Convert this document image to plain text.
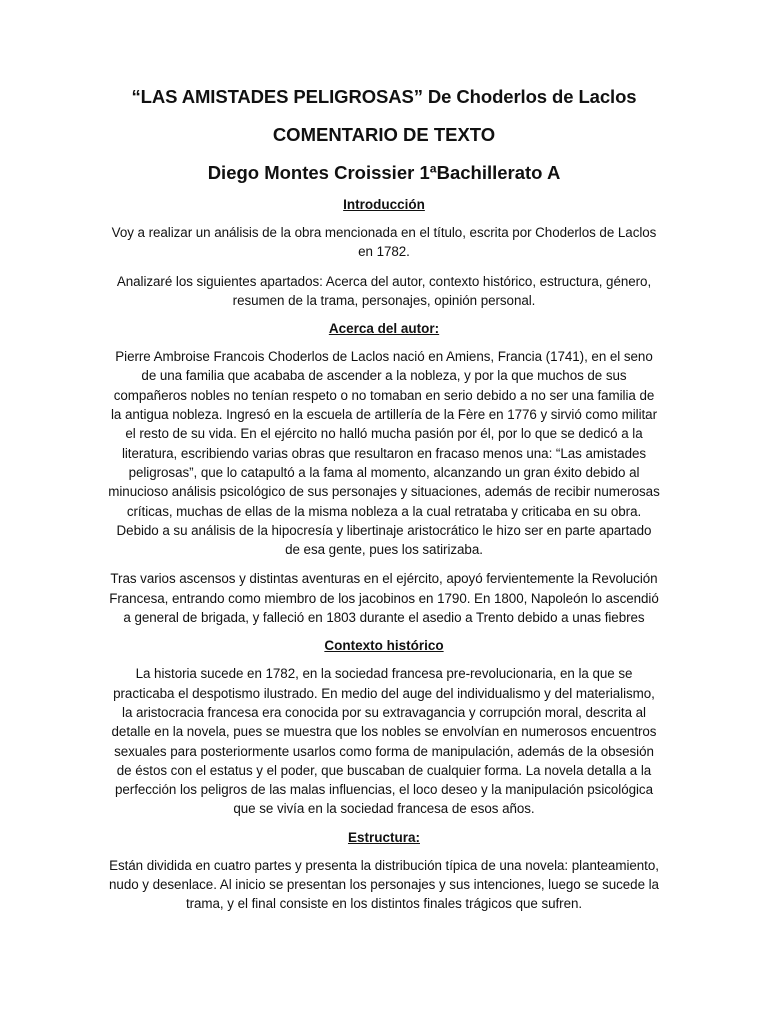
“LAS AMISTADES PELIGROSAS” De Choderlos de Laclos
COMENTARIO DE TEXTO
Diego Montes Croissier 1ªBachillerato A
Introducción

Voy a realizar un análisis de la obra mencionada en el título, escrita por Choderlos de Laclos en 1782.

Analizaré los siguientes apartados: Acerca del autor, contexto histórico, estructura, género, resumen de la trama, personajes, opinión personal.

Acerca del autor:

Pierre Ambroise Francois Choderlos de Laclos nació en Amiens, Francia (1741), en el seno de una familia que acababa de ascender a la nobleza, y por la que muchos de sus compañeros nobles no tenían respeto o no tomaban en serio debido a no ser una familia de la antigua nobleza. Ingresó en la escuela de artillería de la Fère en 1776 y sirvió como militar el resto de su vida. En el ejército no halló mucha pasión por él, por lo que se dedicó a la literatura, escribiendo varias obras que resultaron en fracaso menos una: “Las amistades peligrosas”, que lo catapultó a la fama al momento, alcanzando un gran éxito debido al minucioso análisis psicológico de sus personajes y situaciones, además de recibir numerosas críticas, muchas de ellas de la misma nobleza a la cual retrataba y criticaba en su obra. Debido a su análisis de la hipocresía y libertinaje aristocrático le hizo ser en parte apartado de esa gente, pues los satirizaba.

Tras varios ascensos y distintas aventuras en el ejército, apoyó fervientemente la Revolución Francesa, entrando como miembro de los jacobinos en 1790. En 1800, Napoleón lo ascendió a general de brigada, y falleció en 1803 durante el asedio a Trento debido a unas fiebres

Contexto histórico

La historia sucede en 1782, en la sociedad francesa pre-revolucionaria, en la que se practicaba el despotismo ilustrado. En medio del auge del individualismo y del materialismo, la aristocracia francesa era conocida por su extravagancia y corrupción moral, descrita al detalle en la novela, pues se muestra que los nobles se envolvían en numerosos encuentros sexuales para posteriormente usarlos como forma de manipulación, además de la obsesión de éstos con el estatus y el poder, que buscaban de cualquier forma. La novela detalla a la perfección los peligros de las malas influencias, el loco deseo y la manipulación psicológica que se vivía en la sociedad francesa de esos años.

Estructura:

Están dividida en cuatro partes y presenta la distribución típica de una novela: planteamiento, nudo y desenlace. Al inicio se presentan los personajes y sus intenciones, luego se sucede la trama, y el final consiste en los distintos finales trágicos que sufren.
